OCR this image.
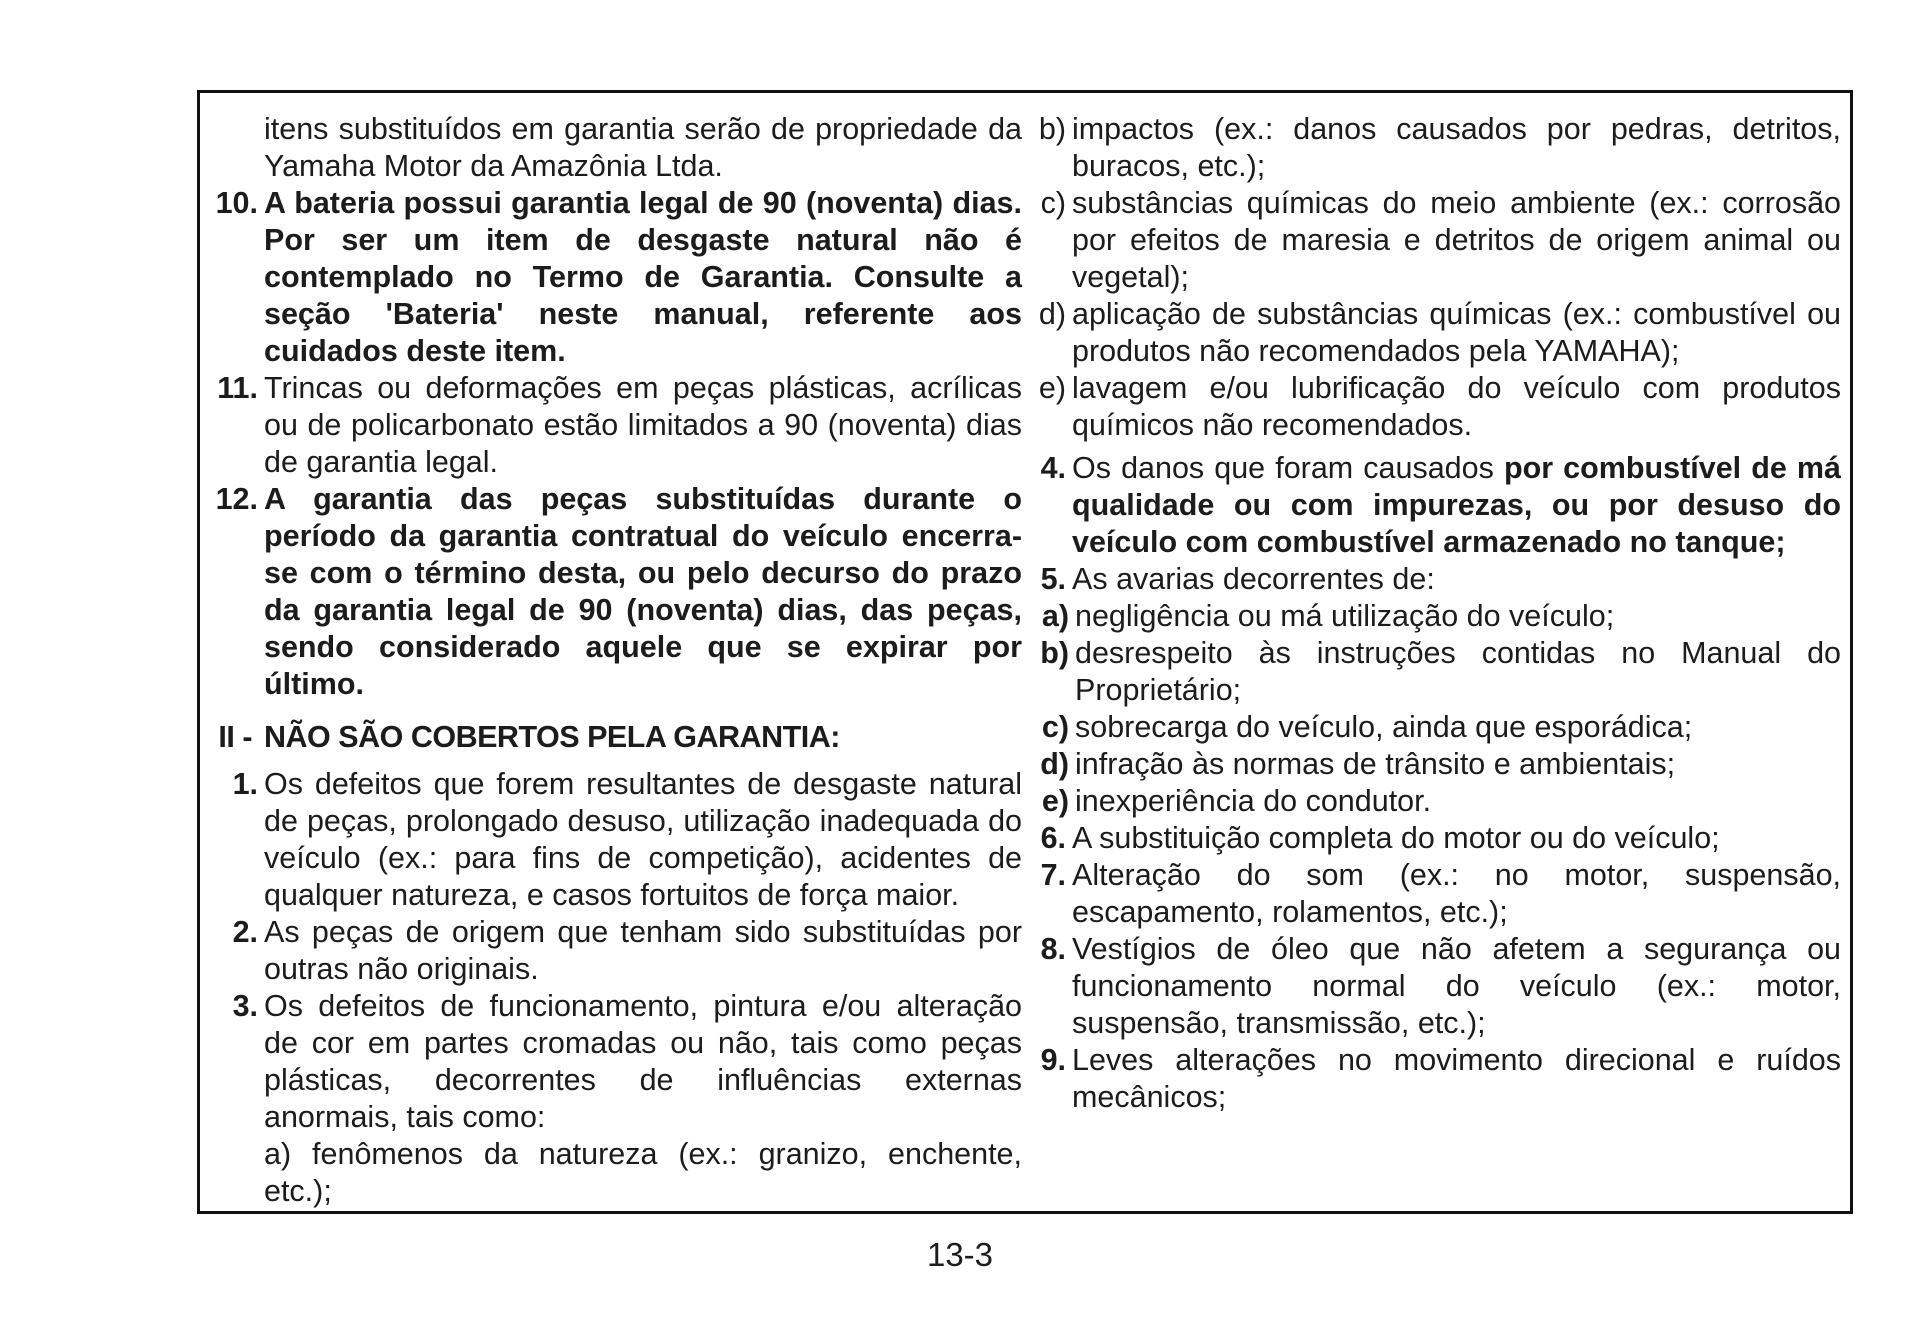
itens substituídos em garantia serão de propriedade da Yamaha Motor da Amazônia Ltda.
10. A bateria possui garantia legal de 90 (noventa) dias. Por ser um item de desgaste natural não é contemplado no Termo de Garantia. Consulte a seção 'Bateria' neste manual, referente aos cuidados deste item.
11. Trincas ou deformações em peças plásticas, acrílicas ou de policarbonato estão limitados a 90 (noventa) dias de garantia legal.
12. A garantia das peças substituídas durante o período da garantia contratual do veículo encerra-se com o término desta, ou pelo decurso do prazo da garantia legal de 90 (noventa) dias, das peças, sendo considerado aquele que se expirar por último.
II - NÃO SÃO COBERTOS PELA GARANTIA:
1. Os defeitos que forem resultantes de desgaste natural de peças, prolongado desuso, utilização inadequada do veículo (ex.: para fins de competição), acidentes de qualquer natureza, e casos fortuitos de força maior.
2. As peças de origem que tenham sido substituídas por outras não originais.
3. Os defeitos de funcionamento, pintura e/ou alteração de cor em partes cromadas ou não, tais como peças plásticas, decorrentes de influências externas anormais, tais como:
a) fenômenos da natureza (ex.: granizo, enchente, etc.);
b) impactos (ex.: danos causados por pedras, detritos, buracos, etc.);
c) substâncias químicas do meio ambiente (ex.: corrosão por efeitos de maresia e detritos de origem animal ou vegetal);
d) aplicação de substâncias químicas (ex.: combustível ou produtos não recomendados pela YAMAHA);
e) lavagem e/ou lubrificação do veículo com produtos químicos não recomendados.
4. Os danos que foram causados por combustível de má qualidade ou com impurezas, ou por desuso do veículo com combustível armazenado no tanque;
5. As avarias decorrentes de:
a) negligência ou má utilização do veículo;
b) desrespeito às instruções contidas no Manual do Proprietário;
c) sobrecarga do veículo, ainda que esporádica;
d) infração às normas de trânsito e ambientais;
e) inexperiência do condutor.
6. A substituição completa do motor ou do veículo;
7. Alteração do som (ex.: no motor, suspensão, escapamento, rolamentos, etc.);
8. Vestígios de óleo que não afetem a segurança ou funcionamento normal do veículo (ex.: motor, suspensão, transmissão, etc.);
9. Leves alterações no movimento direcional e ruídos mecânicos;
13-3
